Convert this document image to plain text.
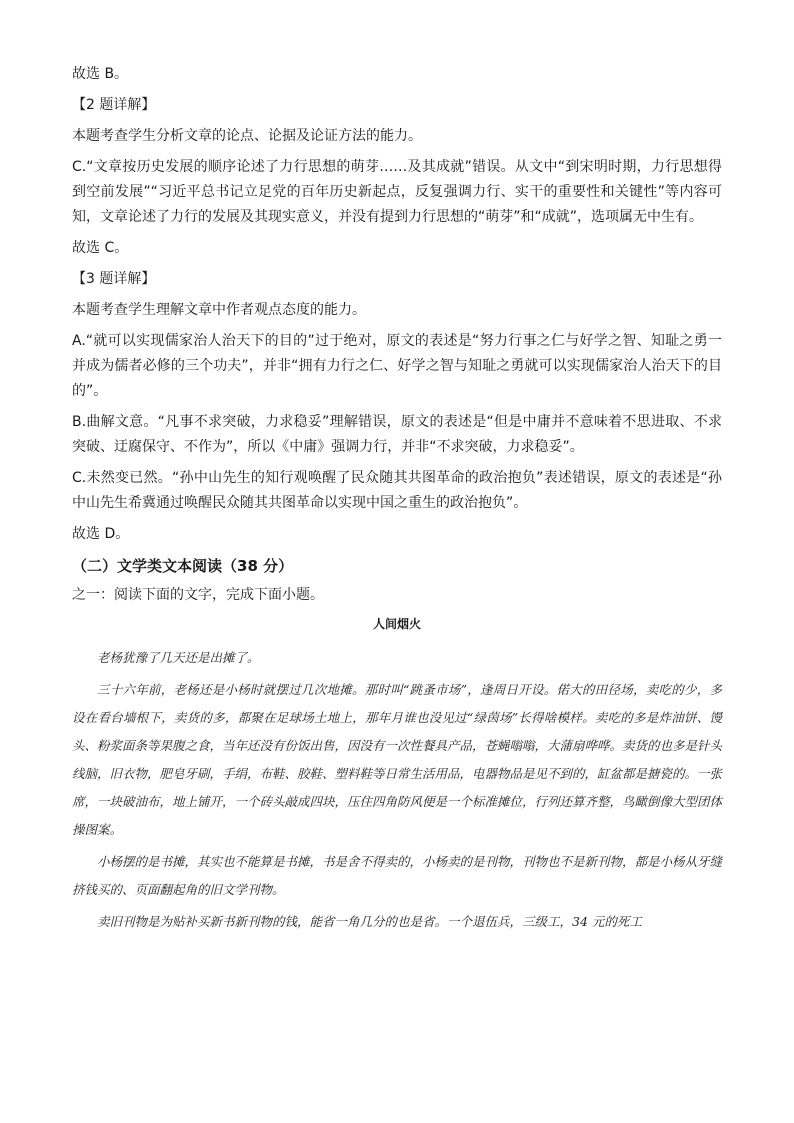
故选 B。
【2 题详解】
本题考查学生分析文章的论点、论据及论证方法的能力。
C.“文章按历史发展的顺序论述了力行思想的萌芽……及其成就”错误。从文中“到宋明时期，力行思想得到空前发展”“习近平总书记立足党的百年历史新起点，反复强调力行、实干的重要性和关键性”等内容可知，文章论述了力行的发展及其现实意义，并没有提到力行思想的“萌芽”和“成就”，选项属无中生有。
故选 C。
【3 题详解】
本题考查学生理解文章中作者观点态度的能力。
A.“就可以实现儒家治人治天下的目的”过于绝对，原文的表述是“努力行事之仁与好学之智、知耻之勇一并成为儒者必修的三个功夫”，并非“拥有力行之仁、好学之智与知耻之勇就可以实现儒家治人治天下的目的”。
B.曲解文意。“凡事不求突破，力求稳妥”理解错误，原文的表述是“但是中庸并不意味着不思进取、不求突破、迂腐保守、不作为”，所以《中庸》强调力行，并非“不求突破，力求稳妥”。
C.未然变已然。“孙中山先生的知行观唤醒了民众随其共图革命的政治抱负”表述错误，原文的表述是“孙中山先生希冀通过唤醒民众随其共图革命以实现中国之重生的政治抱负”。
故选 D。
（二）文学类文本阅读（38 分）
之一：阅读下面的文字，完成下面小题。
人间烟火
老杨犹豫了几天还是出摊了。
三十六年前，老杨还是小杨时就摆过几次地摊。那时叫“跳蚤市场”，逢周日开设。偌大的田径场，卖吃的少，多设在看台墙根下，卖货的多，都聚在足球场土地上，那年月谁也没见过“绿茵场”长得啥模样。卖吃的多是炸油饼、馒头、粉浆面条等果腹之食，当年还没有份饭出售，因没有一次性餐具产品，苍蝇嗡嗡，大蒲扇哗哗。卖货的也多是针头线脑，旧衣物，肥皂牙刷，手绢，布鞋、胶鞋、塑料鞋等日常生活用品，电器物品是见不到的，缸盆都是搪瓷的。一张席，一块破油布，地上铺开，一个砖头敲成四块，压住四角防风便是一个标准摊位，行列还算齐整，鸟瞰倒像大型团体操图案。
小杨摆的是书摊，其实也不能算是书摊，书是舍不得卖的，小杨卖的是刊物，刊物也不是新刊物，都是小杨从牙缝挤钱买的、页面翻起角的旧文学刊物。
卖旧刊物是为贴补买新书新刊物的钱，能省一角几分的也是省。一个退伍兵，三级工，34 元的死工
